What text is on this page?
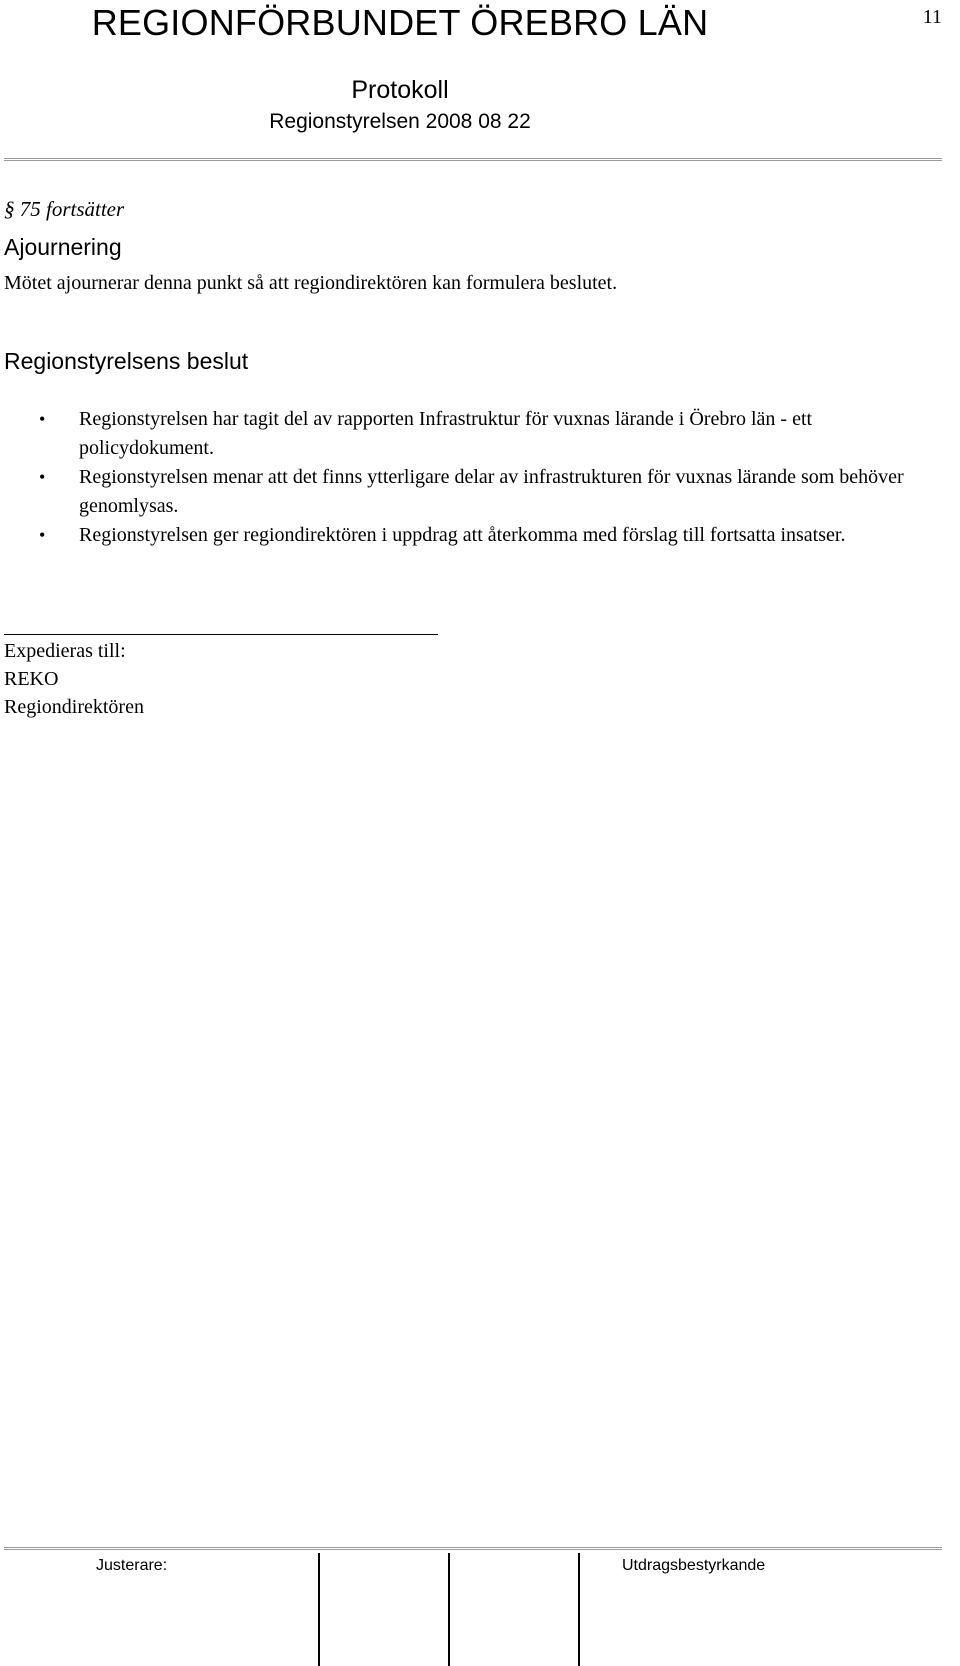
REGIONFÖRBUNDET ÖREBRO LÄN	11
Protokoll
Regionstyrelsen 2008 08 22
§ 75 fortsätter
Ajournering
Mötet ajournerar denna punkt så att regiondirektören kan formulera beslutet.
Regionstyrelsens beslut
• Regionstyrelsen har tagit del av rapporten Infrastruktur för vuxnas lärande i Örebro län - ett policydokument.
• Regionstyrelsen menar att det finns ytterligare delar av infrastrukturen för vuxnas lärande som behöver genomlysas.
• Regionstyrelsen ger regiondirektören i uppdrag att återkomma med förslag till fortsatta insatser.
Expedieras till:
REKO
Regiondirektören
Justerare:	Utdragsbestyrkande
